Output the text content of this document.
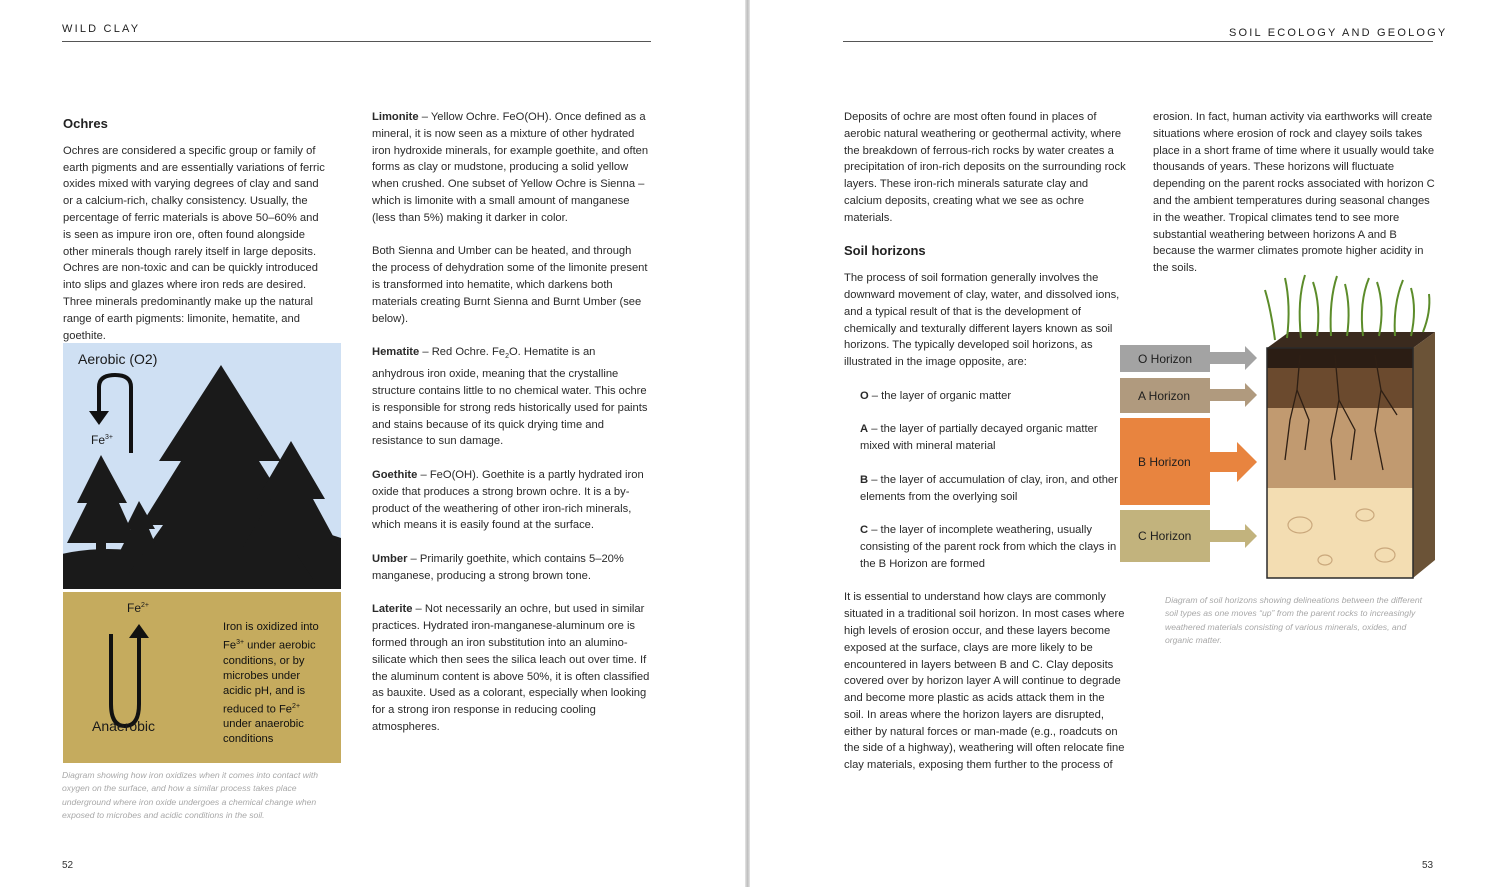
WILD CLAY
Ochres

Ochres are considered a specific group or family of earth pigments and are essentially variations of ferric oxides mixed with varying degrees of clay and sand or a calcium-rich, chalky consistency. Usually, the percentage of ferric materials is above 50–60% and is seen as impure iron ore, often found alongside other minerals though rarely itself in large deposits. Ochres are non-toxic and can be quickly introduced into slips and glazes where iron reds are desired. Three minerals predominantly make up the natural range of earth pigments: limonite, hematite, and goethite.

Aerobic (O2)
$Fe^{3+}$
$Fe^{2+}$
Anaerobic
Iron is oxidized into
$Fe^{3+}$ under aerobic
conditions, or by
microbes under
acidic pH, and is
reduced to $Fe^{2+}$
under anaerobic
conditions
Diagram showing how iron oxidizes when it comes into contact with oxygen on the surface, and how a similar process takes place underground where iron oxide undergoes a chemical change when exposed to microbes and acidic conditions in the soil.

Limonite – Yellow Ochre. FeO(OH). Once defined as a mineral, it is now seen as a mixture of other hydrated iron hydroxide minerals, for example goethite, and often forms as clay or mudstone, producing a solid yellow when crushed. One subset of Yellow Ochre is Sienna – which is limonite with a small amount of manganese (less than 5%) making it darker in color.

Both Sienna and Umber can be heated, and through the process of dehydration some of the limonite present is transformed into hematite, which darkens both materials creating Burnt Sienna and Burnt Umber (see below).

Hematite – Red Ochre. $Fe_2O$. Hematite is an anhydrous iron oxide, meaning that the crystalline structure contains little to no chemical water. This ochre is responsible for strong reds historically used for paints and stains because of its quick drying time and resistance to sun damage.

Goethite – FeO(OH). Goethite is a partly hydrated iron oxide that produces a strong brown ochre. It is a by-product of the weathering of other iron-rich minerals, which means it is easily found at the surface.

Umber – Primarily goethite, which contains 5–20% manganese, producing a strong brown tone.

Laterite – Not necessarily an ochre, but used in similar practices. Hydrated iron-manganese-aluminum ore is formed through an iron substitution into an alumino-silicate which then sees the silica leach out over time. If the aluminum content is above 50%, it is often classified as bauxite. Used as a colorant, especially when looking for a strong iron response in reducing cooling atmospheres.

52
SOIL ECOLOGY AND GEOLOGY

Deposits of ochre are most often found in places of aerobic natural weathering or geothermal activity, where the breakdown of ferrous-rich rocks by water creates a precipitation of iron-rich deposits on the surrounding rock layers. These iron-rich minerals saturate clay and calcium deposits, creating what we see as ochre materials.

Soil horizons

The process of soil formation generally involves the downward movement of clay, water, and dissolved ions, and a typical result of that is the development of chemically and texturally different layers known as soil horizons. The typically developed soil horizons, as illustrated in the image opposite, are:

O – the layer of organic matter

A – the layer of partially decayed organic matter mixed with mineral material

B – the layer of accumulation of clay, iron, and other elements from the overlying soil

C – the layer of incomplete weathering, usually consisting of the parent rock from which the clays in the B Horizon are formed

It is essential to understand how clays are commonly situated in a traditional soil horizon. In most cases where high levels of erosion occur, and these layers become exposed at the surface, clays are more likely to be encountered in layers between B and C. Clay deposits covered over by horizon layer A will continue to degrade and become more plastic as acids attack them in the soil. In areas where the horizon layers are disrupted, either by natural forces or man-made (e.g., roadcuts on the side of a highway), weathering will often relocate fine clay materials, exposing them further to the process of

erosion. In fact, human activity via earthworks will create situations where erosion of rock and clayey soils takes place in a short frame of time where it usually would take thousands of years. These horizons will fluctuate depending on the parent rocks associated with horizon C and the ambient temperatures during seasonal changes in the weather. Tropical climates tend to see more substantial weathering between horizons A and B because the warmer climates promote higher acidity in the soils.

O Horizon
A Horizon
B Horizon
C Horizon
Diagram of soil horizons showing delineations between the different soil types as one moves “up” from the parent rocks to increasingly weathered materials consisting of various minerals, oxides, and organic matter.
53
